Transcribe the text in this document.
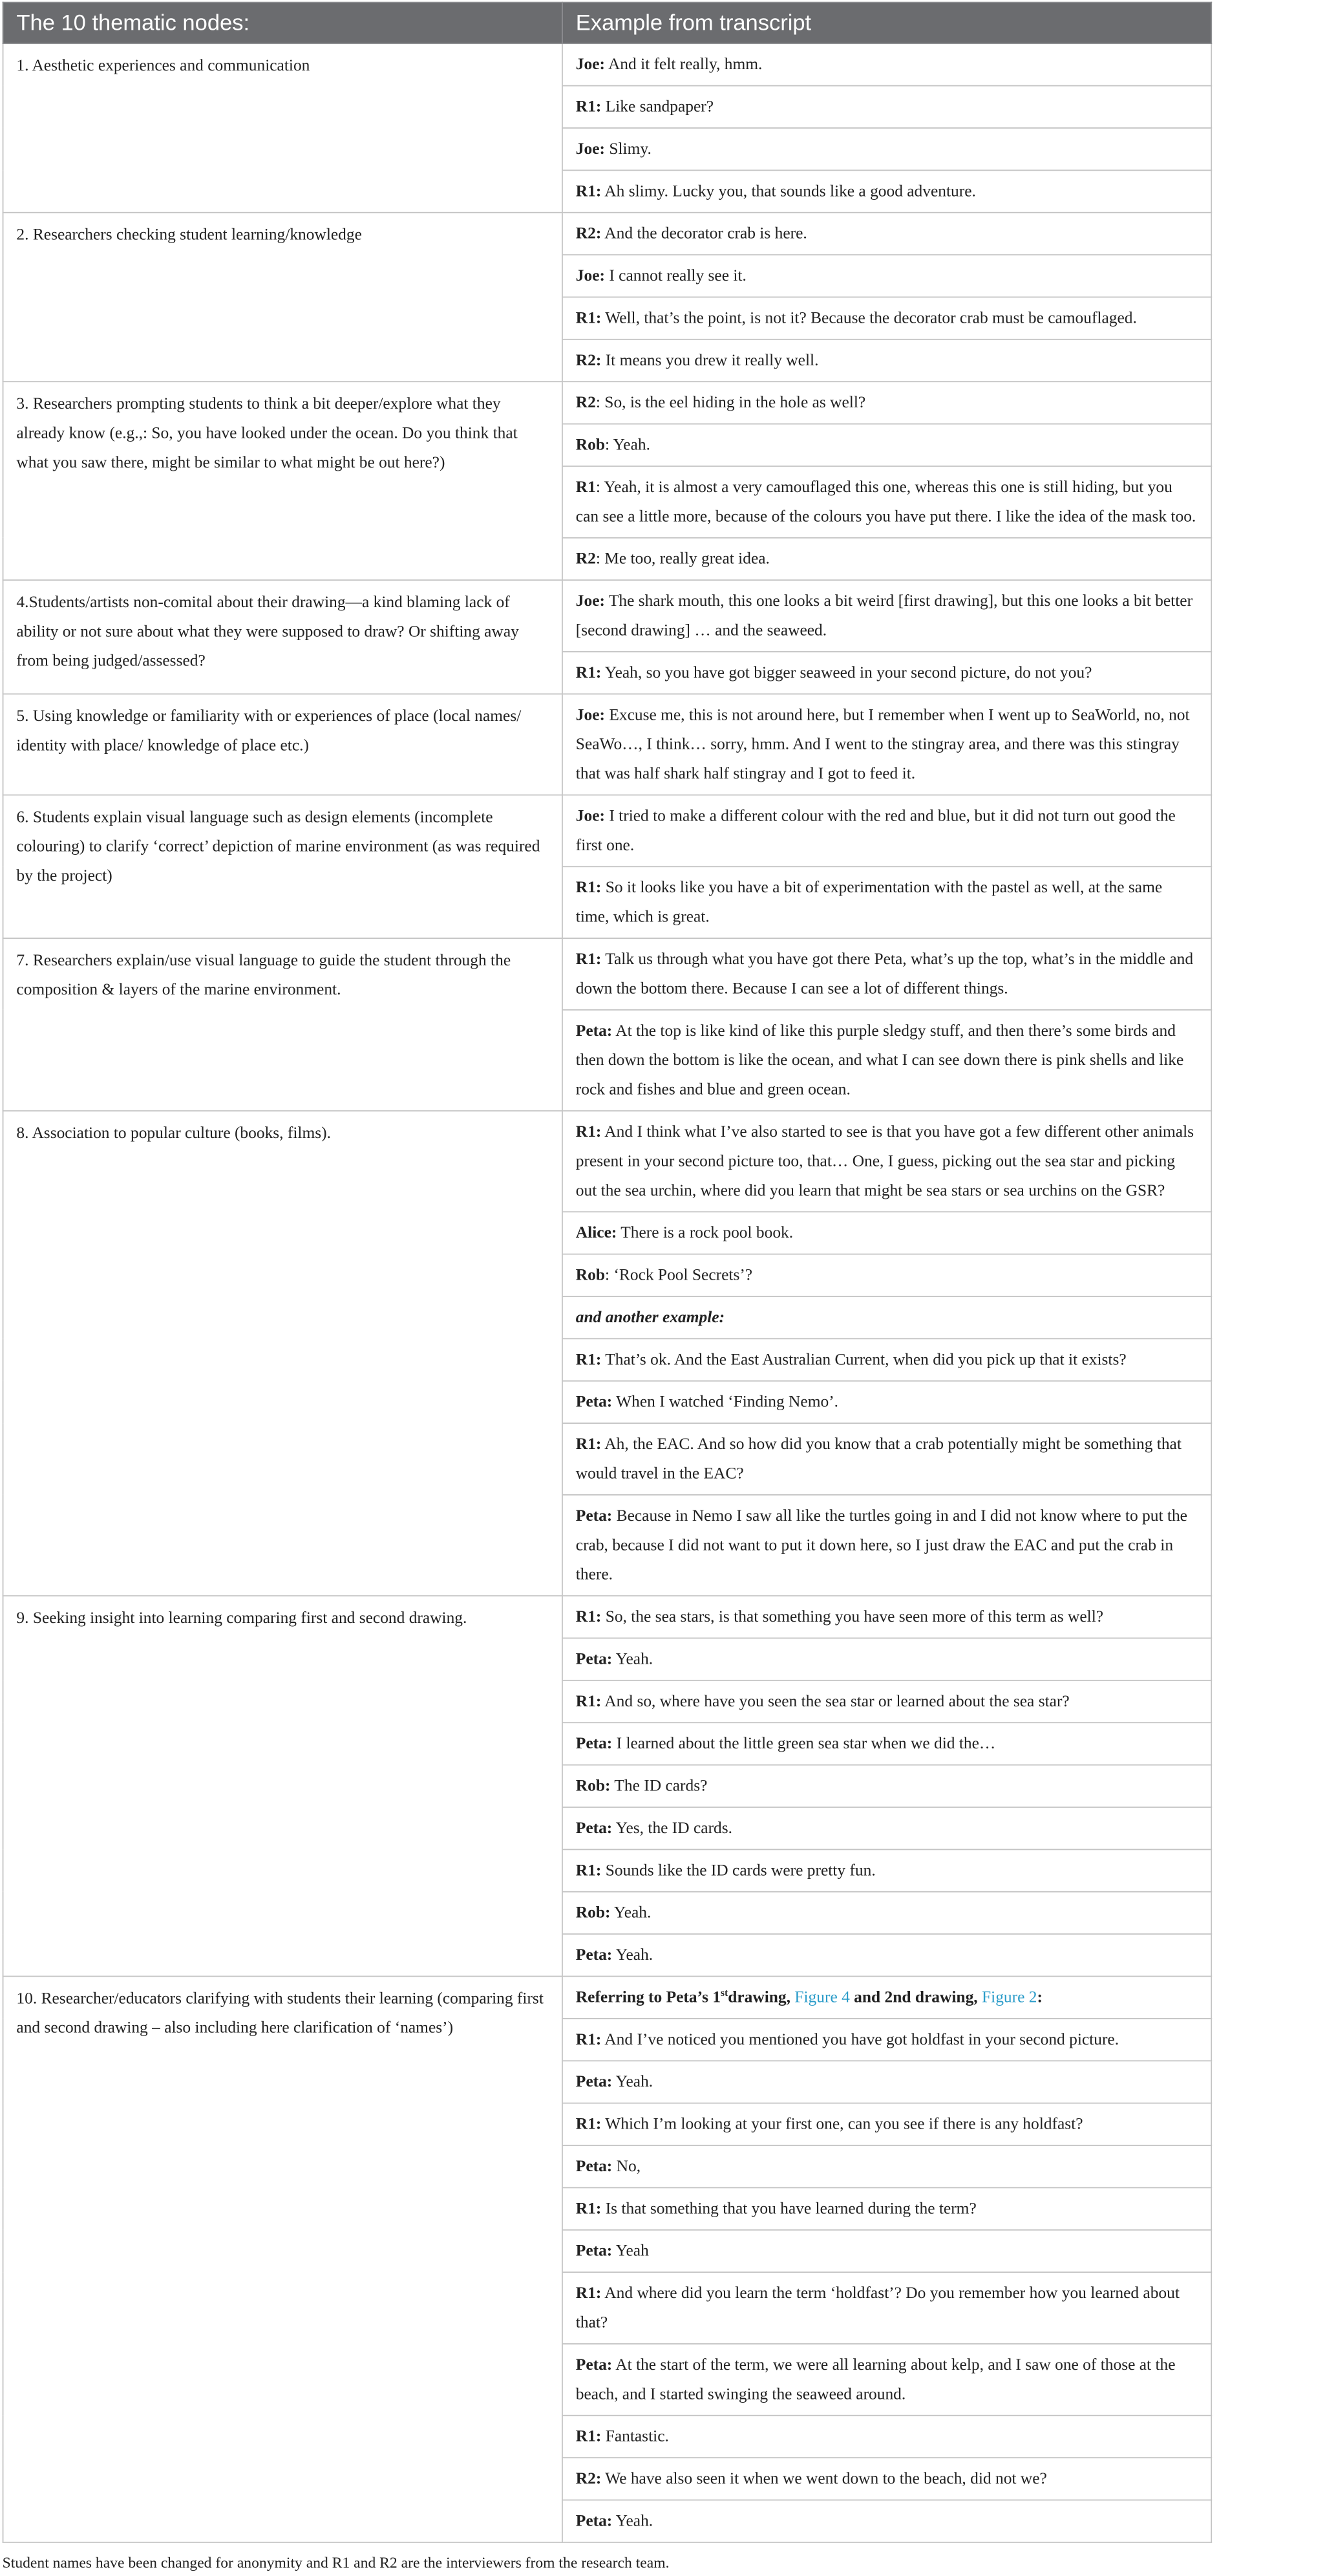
The 10 thematic nodes:	Example from transcript
1. Aesthetic experiences and communication	Joe: And it felt really, hmm.
	R1: Like sandpaper?
	Joe: Slimy.
	R1: Ah slimy. Lucky you, that sounds like a good adventure.
2. Researchers checking student learning/knowledge	R2: And the decorator crab is here.
	Joe: I cannot really see it.
	R1: Well, that’s the point, is not it? Because the decorator crab must be camouflaged.
	R2: It means you drew it really well.
3. Researchers prompting students to think a bit deeper/explore what they already know (e.g.,: So, you have looked under the ocean. Do you think that what you saw there, might be similar to what might be out here?)	R2: So, is the eel hiding in the hole as well?
	Rob: Yeah.
	R1: Yeah, it is almost a very camouflaged this one, whereas this one is still hiding, but you can see a little more, because of the colours you have put there. I like the idea of the mask too.
	R2: Me too, really great idea.
4.Students/artists non-comital about their drawing—a kind blaming lack of ability or not sure about what they were supposed to draw? Or shifting away from being judged/assessed?	Joe: The shark mouth, this one looks a bit weird [first drawing], but this one looks a bit better [second drawing] … and the seaweed.
	R1: Yeah, so you have got bigger seaweed in your second picture, do not you?
5. Using knowledge or familiarity with or experiences of place (local names/ identity with place/ knowledge of place etc.)	Joe: Excuse me, this is not around here, but I remember when I went up to SeaWorld, no, not SeaWo…, I think… sorry, hmm. And I went to the stingray area, and there was this stingray that was half shark half stingray and I got to feed it.
6. Students explain visual language such as design elements (incomplete colouring) to clarify ‘correct’ depiction of marine environment (as was required by the project)	Joe: I tried to make a different colour with the red and blue, but it did not turn out good the first one.
	R1: So it looks like you have a bit of experimentation with the pastel as well, at the same time, which is great.
7. Researchers explain/use visual language to guide the student through the composition & layers of the marine environment.	R1: Talk us through what you have got there Peta, what’s up the top, what’s in the middle and down the bottom there. Because I can see a lot of different things.
	Peta: At the top is like kind of like this purple sledgy stuff, and then there’s some birds and then down the bottom is like the ocean, and what I can see down there is pink shells and like rock and fishes and blue and green ocean.
8. Association to popular culture (books, films).	R1: And I think what I’ve also started to see is that you have got a few different other animals present in your second picture too, that… One, I guess, picking out the sea star and picking out the sea urchin, where did you learn that might be sea stars or sea urchins on the GSR?
	Alice: There is a rock pool book.
	Rob: ‘Rock Pool Secrets’?
	and another example:
	R1: That’s ok. And the East Australian Current, when did you pick up that it exists?
	Peta: When I watched ‘Finding Nemo’.
	R1: Ah, the EAC. And so how did you know that a crab potentially might be something that would travel in the EAC?
	Peta: Because in Nemo I saw all like the turtles going in and I did not know where to put the crab, because I did not want to put it down here, so I just draw the EAC and put the crab in there.
9. Seeking insight into learning comparing first and second drawing.	R1: So, the sea stars, is that something you have seen more of this term as well?
	Peta: Yeah.
	R1: And so, where have you seen the sea star or learned about the sea star?
	Peta: I learned about the little green sea star when we did the…
	Rob: The ID cards?
	Peta: Yes, the ID cards.
	R1: Sounds like the ID cards were pretty fun.
	Rob: Yeah.
	Peta: Yeah.
10. Researcher/educators clarifying with students their learning (comparing first and second drawing – also including here clarification of ‘names’)	Referring to Peta’s 1stdrawing, Figure 4 and 2nd drawing, Figure 2:
	R1: And I’ve noticed you mentioned you have got holdfast in your second picture.
	Peta: Yeah.
	R1: Which I’m looking at your first one, can you see if there is any holdfast?
	Peta: No,
	R1: Is that something that you have learned during the term?
	Peta: Yeah
	R1: And where did you learn the term ‘holdfast’? Do you remember how you learned about that?
	Peta: At the start of the term, we were all learning about kelp, and I saw one of those at the beach, and I started swinging the seaweed around.
	R1: Fantastic.
	R2: We have also seen it when we went down to the beach, did not we?
	Peta: Yeah.
Student names have been changed for anonymity and R1 and R2 are the interviewers from the research team.
